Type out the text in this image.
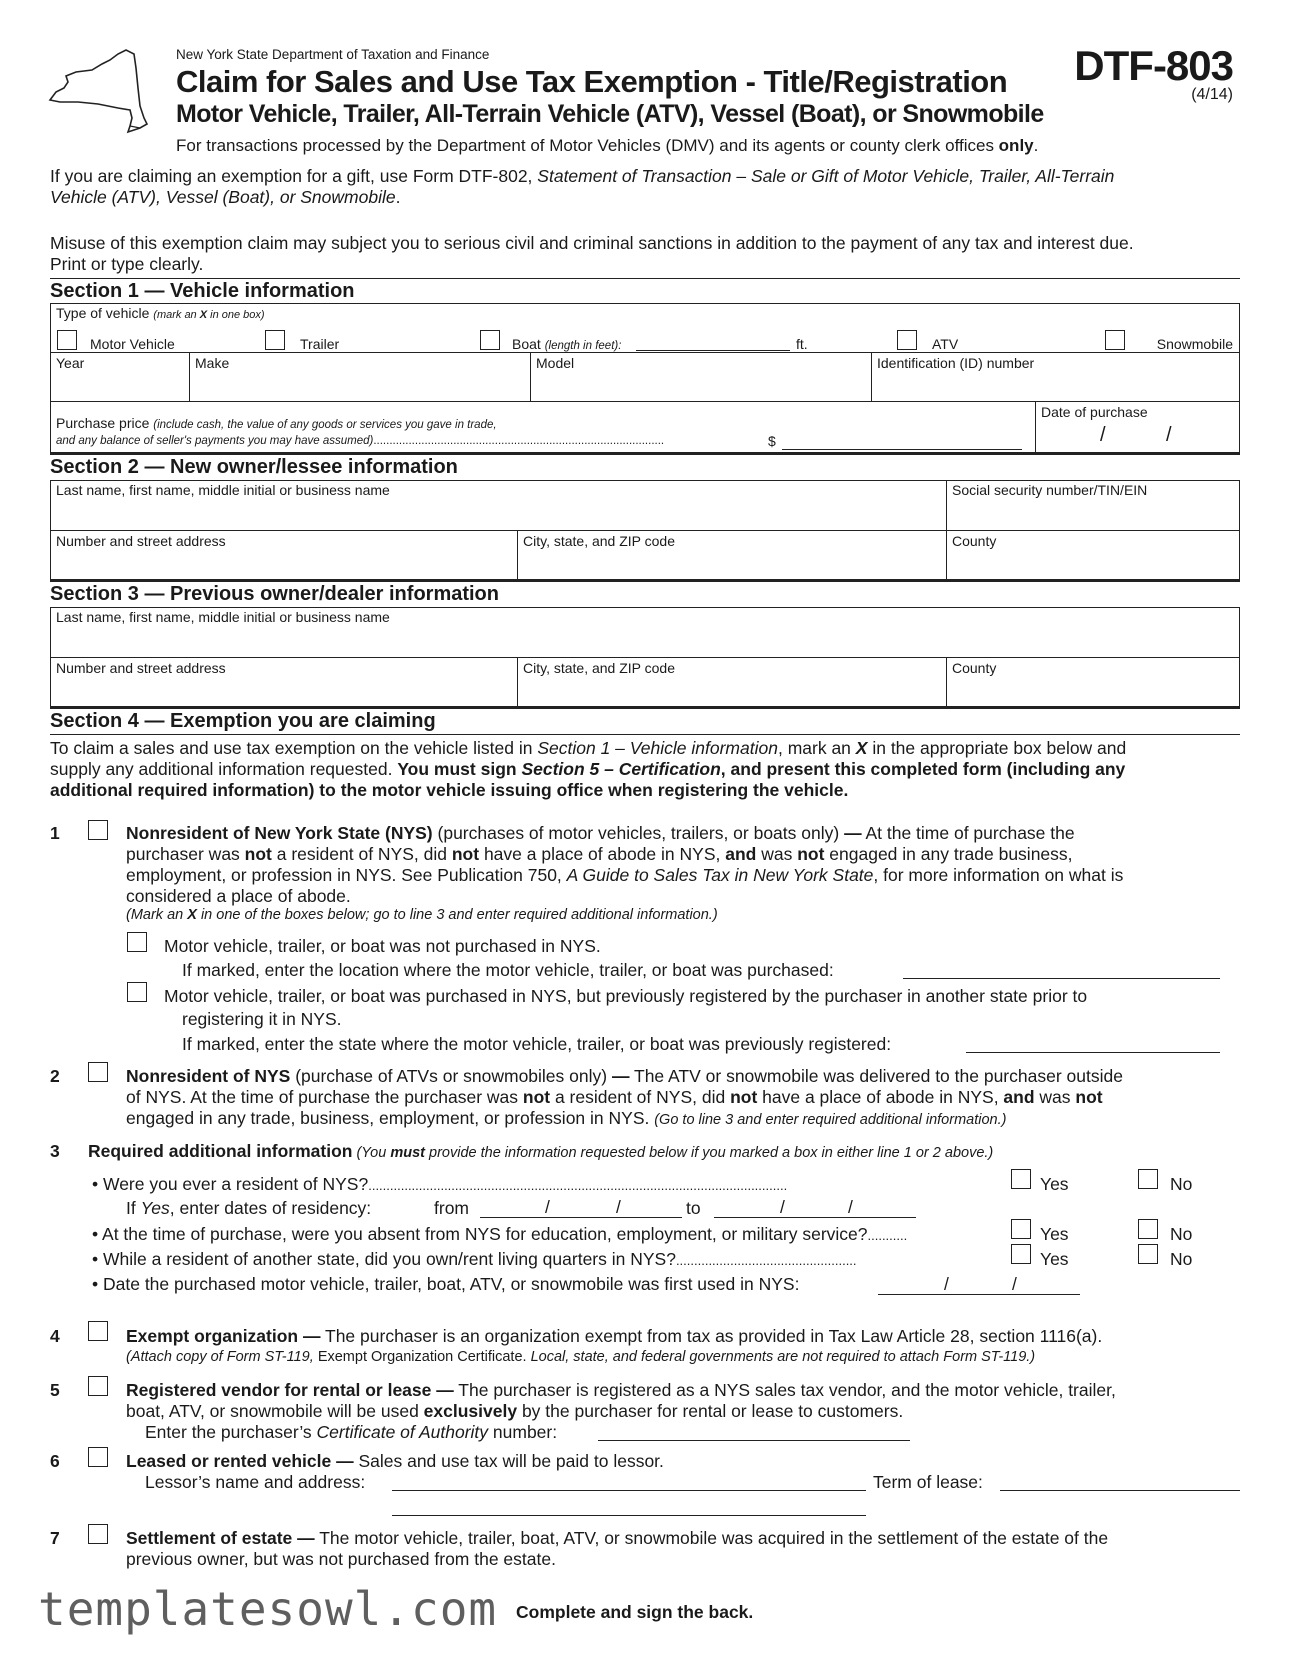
New York State Department of Taxation and Finance
Claim for Sales and Use Tax Exemption - Title/Registration
Motor Vehicle, Trailer, All-Terrain Vehicle (ATV), Vessel (Boat), or Snowmobile
For transactions processed by the Department of Motor Vehicles (DMV) and its agents or county clerk offices only.
DTF-803
(4/14)
If you are claiming an exemption for a gift, use Form DTF-802, Statement of Transaction – Sale or Gift of Motor Vehicle, Trailer, All-Terrain
Vehicle (ATV), Vessel (Boat), or Snowmobile.
Misuse of this exemption claim may subject you to serious civil and criminal sanctions in addition to the payment of any tax and interest due.
Print or type clearly.
Section 1 — Vehicle information
Type of vehicle (mark an X in one box)
Motor Vehicle	Trailer	Boat (length in feet):	ft.	ATV	Snowmobile
Year	Make	Model	Identification (ID) number
Purchase price (include cash, the value of any goods or services you gave in trade,
and any balance of seller's payments you may have assumed)...........................................................................................	$
Date of purchase
/	/
Section 2 — New owner/lessee information
Last name, first name, middle initial or business name	Social security number/TIN/EIN
Number and street address	City, state, and ZIP code	County
Section 3 — Previous owner/dealer information
Last name, first name, middle initial or business name
Number and street address	City, state, and ZIP code	County
Section 4 — Exemption you are claiming
To claim a sales and use tax exemption on the vehicle listed in Section 1 – Vehicle information, mark an X in the appropriate box below and
supply any additional information requested. You must sign Section 5 – Certification, and present this completed form (including any
additional required information) to the motor vehicle issuing office when registering the vehicle.
1	Nonresident of New York State (NYS) (purchases of motor vehicles, trailers, or boats only) — At the time of purchase the
purchaser was not a resident of NYS, did not have a place of abode in NYS, and was not engaged in any trade business,
employment, or profession in NYS. See Publication 750, A Guide to Sales Tax in New York State, for more information on what is
considered a place of abode.
(Mark an X in one of the boxes below; go to line 3 and enter required additional information.)
Motor vehicle, trailer, or boat was not purchased in NYS.
If marked, enter the location where the motor vehicle, trailer, or boat was purchased:
Motor vehicle, trailer, or boat was purchased in NYS, but previously registered by the purchaser in another state prior to
registering it in NYS.
If marked, enter the state where the motor vehicle, trailer, or boat was previously registered:
2	Nonresident of NYS (purchase of ATVs or snowmobiles only) — The ATV or snowmobile was delivered to the purchaser outside
of NYS. At the time of purchase the purchaser was not a resident of NYS, did not have a place of abode in NYS, and was not
engaged in any trade, business, employment, or profession in NYS. (Go to line 3 and enter required additional information.)
3 Required additional information (You must provide the information requested below if you marked a box in either line 1 or 2 above.)
• Were you ever a resident of NYS?....................................................................................................................	Yes	No
If Yes, enter dates of residency:	from	/	/	to	/	/
• At the time of purchase, were you absent from NYS for education, employment, or military service?...........	Yes	No
• While a resident of another state, did you own/rent living quarters in NYS?..................................................	Yes	No
• Date the purchased motor vehicle, trailer, boat, ATV, or snowmobile was first used in NYS:	/	/
4	Exempt organization — The purchaser is an organization exempt from tax as provided in Tax Law Article 28, section 1116(a).
(Attach copy of Form ST-119, Exempt Organization Certificate. Local, state, and federal governments are not required to attach Form ST-119.)
5	Registered vendor for rental or lease — The purchaser is registered as a NYS sales tax vendor, and the motor vehicle, trailer,
boat, ATV, or snowmobile will be used exclusively by the purchaser for rental or lease to customers.
Enter the purchaser’s Certificate of Authority number:
6	Leased or rented vehicle — Sales and use tax will be paid to lessor.
Lessor’s name and address:	Term of lease:
7	Settlement of estate — The motor vehicle, trailer, boat, ATV, or snowmobile was acquired in the settlement of the estate of the
previous owner, but was not purchased from the estate.
templatesowl.com Complete and sign the back.
